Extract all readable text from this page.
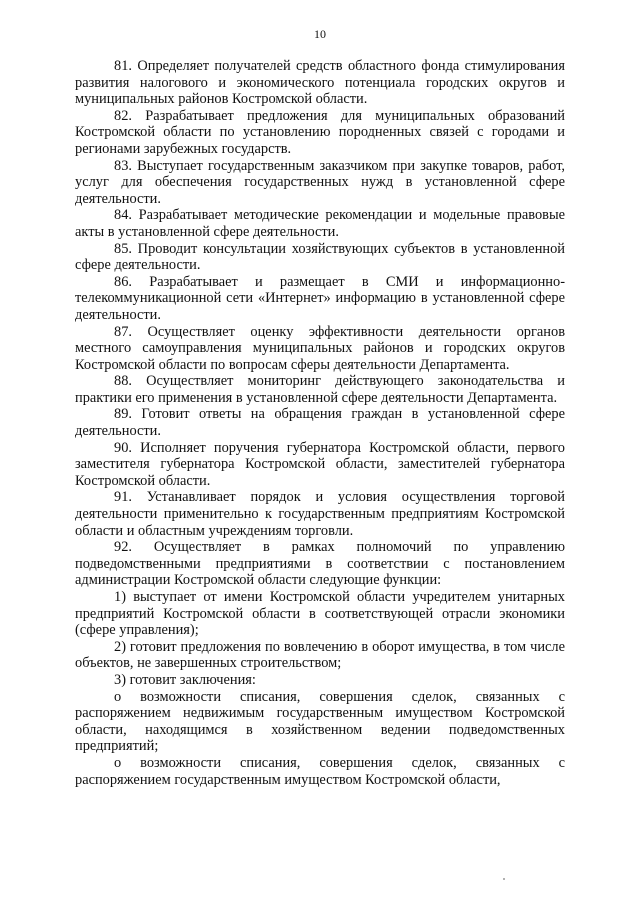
10

81. Определяет получателей средств областного фонда стимулирования развития налогового и экономического потенциала городских округов и муниципальных районов Костромской области.

82. Разрабатывает предложения для муниципальных образований Костромской области по установлению породненных связей с городами и регионами зарубежных государств.

83. Выступает государственным заказчиком при закупке товаров, работ, услуг для обеспечения государственных нужд в установленной сфере деятельности.

84. Разрабатывает методические рекомендации и модельные правовые акты в установленной сфере деятельности.

85. Проводит консультации хозяйствующих субъектов в установленной сфере деятельности.

86. Разрабатывает и размещает в СМИ и информационно-телекоммуникационной сети «Интернет» информацию в установленной сфере деятельности.

87. Осуществляет оценку эффективности деятельности органов местного самоуправления муниципальных районов и городских округов Костромской области по вопросам сферы деятельности Департамента.

88. Осуществляет мониторинг действующего законодательства и практики его применения в установленной сфере деятельности Департамента.

89. Готовит ответы на обращения граждан в установленной сфере деятельности.

90. Исполняет поручения губернатора Костромской области, первого заместителя губернатора Костромской области, заместителей губернатора Костромской области.

91. Устанавливает порядок и условия осуществления торговой деятельности применительно к государственным предприятиям Костромской области и областным учреждениям торговли.

92. Осуществляет в рамках полномочий по управлению подведомственными предприятиями в соответствии с постановлением администрации Костромской области следующие функции:

1) выступает от имени Костромской области учредителем унитарных предприятий Костромской области в соответствующей отрасли экономики (сфере управления);

2) готовит предложения по вовлечению в оборот имущества, в том числе объектов, не завершенных строительством;

3) готовит заключения:

о возможности списания, совершения сделок, связанных с распоряжением недвижимым государственным имуществом Костромской области, находящимся в хозяйственном ведении подведомственных предприятий;

о возможности списания, совершения сделок, связанных с распоряжением государственным имуществом Костромской области,
